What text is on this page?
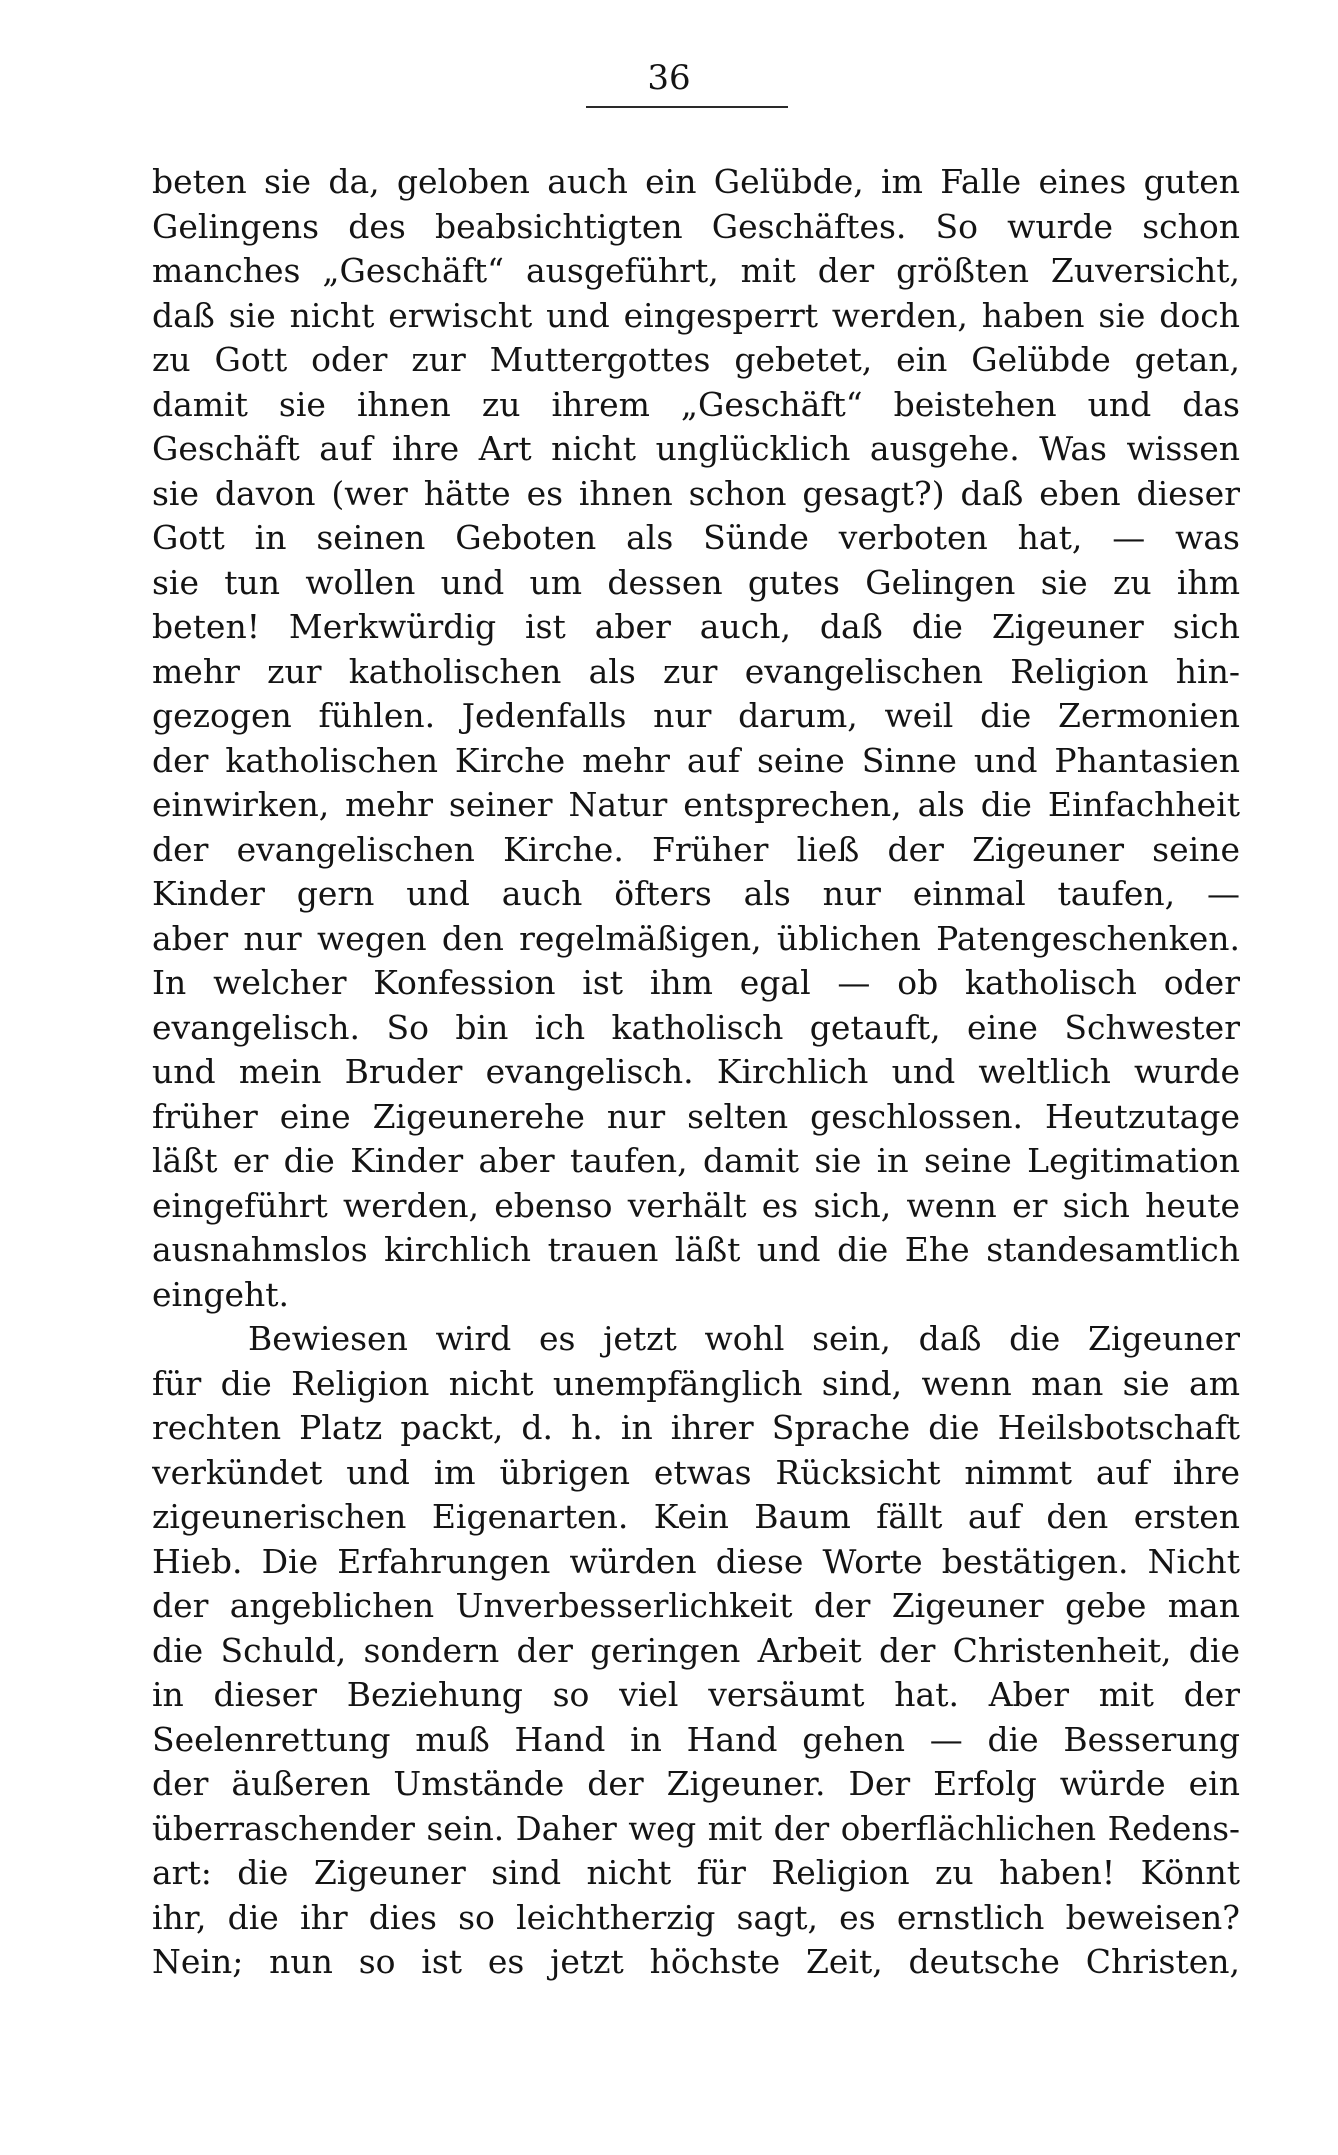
36
beten sie da, geloben auch ein Gelübde, im Falle eines guten
Gelingens des beabsichtigten Geschäftes. So wurde schon
manches „Geschäft“ ausgeführt, mit der größten Zuversicht,
daß sie nicht erwischt und eingesperrt werden, haben sie doch
zu Gott oder zur Muttergottes gebetet, ein Gelübde getan,
damit sie ihnen zu ihrem „Geschäft“ beistehen und das
Geschäft auf ihre Art nicht unglücklich ausgehe. Was wissen
sie davon (wer hätte es ihnen schon gesagt?) daß eben dieser
Gott in seinen Geboten als Sünde verboten hat, — was
sie tun wollen und um dessen gutes Gelingen sie zu ihm
beten! Merkwürdig ist aber auch, daß die Zigeuner sich
mehr zur katholischen als zur evangelischen Religion hin-
gezogen fühlen. Jedenfalls nur darum, weil die Zermonien
der katholischen Kirche mehr auf seine Sinne und Phantasien
einwirken, mehr seiner Natur entsprechen, als die Einfachheit
der evangelischen Kirche. Früher ließ der Zigeuner seine
Kinder gern und auch öfters als nur einmal taufen, —
aber nur wegen den regelmäßigen, üblichen Patengeschenken.
In welcher Konfession ist ihm egal — ob katholisch oder
evangelisch. So bin ich katholisch getauft, eine Schwester
und mein Bruder evangelisch. Kirchlich und weltlich wurde
früher eine Zigeunerehe nur selten geschlossen. Heutzutage
läßt er die Kinder aber taufen, damit sie in seine Legitimation
eingeführt werden, ebenso verhält es sich, wenn er sich heute
ausnahmslos kirchlich trauen läßt und die Ehe standesamtlich
eingeht.
Bewiesen wird es jetzt wohl sein, daß die Zigeuner
für die Religion nicht unempfänglich sind, wenn man sie am
rechten Platz packt, d. h. in ihrer Sprache die Heilsbotschaft
verkündet und im übrigen etwas Rücksicht nimmt auf ihre
zigeunerischen Eigenarten. Kein Baum fällt auf den ersten
Hieb. Die Erfahrungen würden diese Worte bestätigen. Nicht
der angeblichen Unverbesserlichkeit der Zigeuner gebe man
die Schuld, sondern der geringen Arbeit der Christenheit, die
in dieser Beziehung so viel versäumt hat. Aber mit der
Seelenrettung muß Hand in Hand gehen — die Besserung
der äußeren Umstände der Zigeuner. Der Erfolg würde ein
überraschender sein. Daher weg mit der oberflächlichen Redens-
art: die Zigeuner sind nicht für Religion zu haben! Könnt
ihr, die ihr dies so leichtherzig sagt, es ernstlich beweisen?
Nein; nun so ist es jetzt höchste Zeit, deutsche Christen,
